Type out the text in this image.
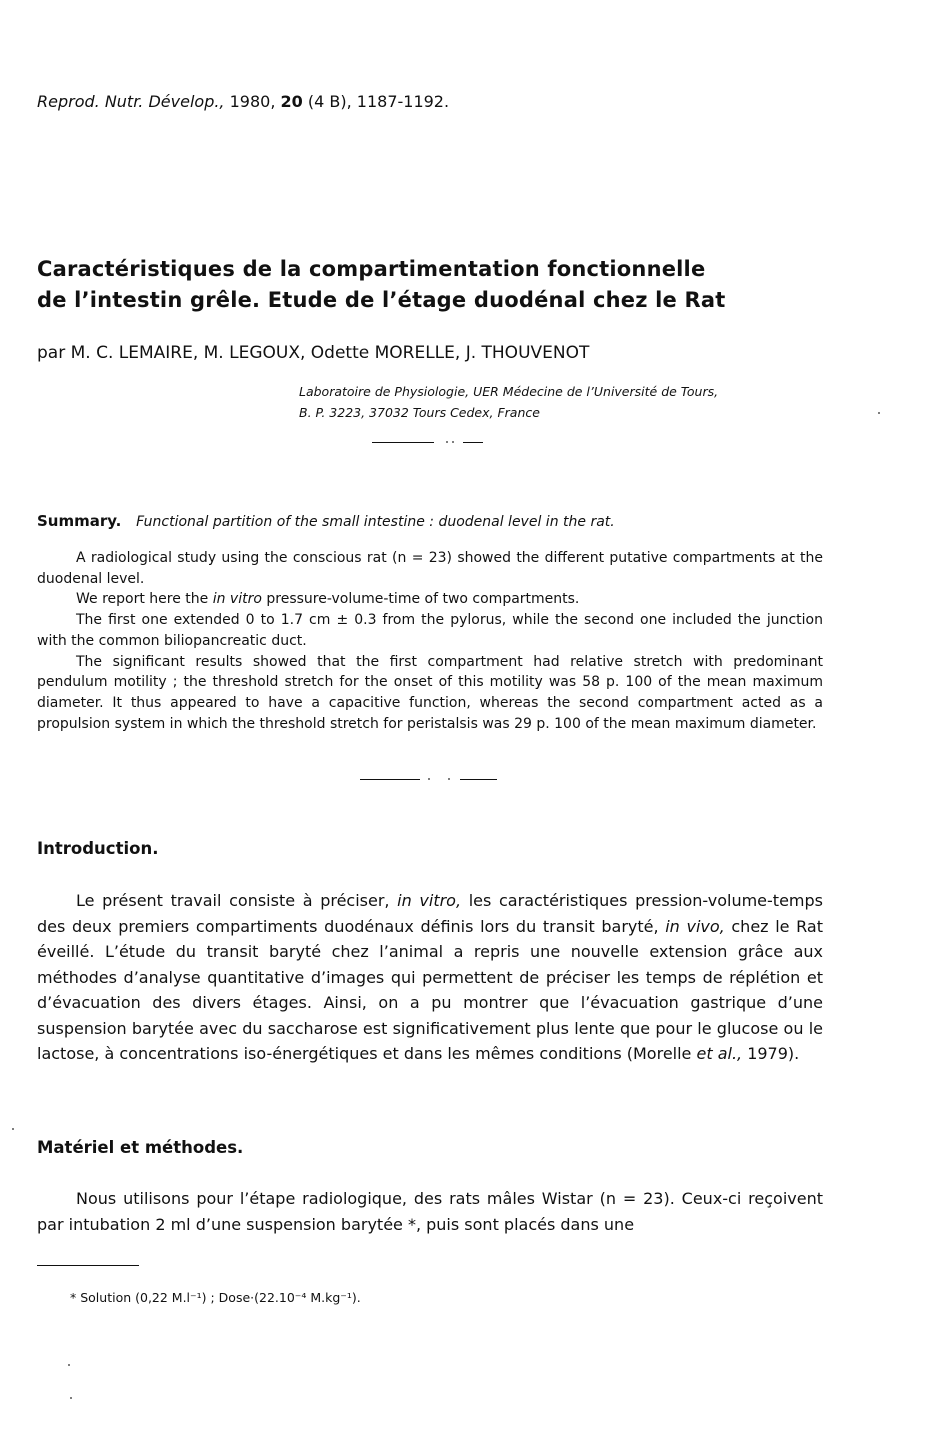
Reprod. Nutr. Dévelop., 1980, 20 (4 B), 1187-1192.
Caractéristiques de la compartimentation fonctionnelle
de l’intestin grêle. Etude de l’étage duodénal chez le Rat
par M. C. LEMAIRE, M. LEGOUX, Odette MORELLE, J. THOUVENOT
Laboratoire de Physiologie, UER Médecine de l’Université de Tours,
B. P. 3223, 37032 Tours Cedex, France
Summary. Functional partition of the small intestine : duodenal level in the rat.

A radiological study using the conscious rat (n = 23) showed the different putative compartments at the duodenal level.

We report here the in vitro pressure-volume-time of two compartments.

The first one extended 0 to 1.7 cm ± 0.3 from the pylorus, while the second one included the junction with the common biliopancreatic duct.

The significant results showed that the first compartment had relative stretch with predominant pendulum motility ; the threshold stretch for the onset of this motility was 58 p. 100 of the mean maximum diameter. It thus appeared to have a capacitive function, whereas the second compartment acted as a propulsion system in which the threshold stretch for peristalsis was 29 p. 100 of the mean maximum diameter.

Introduction.

Le présent travail consiste à préciser, in vitro, les caractéristiques pression-volume-temps des deux premiers compartiments duodénaux définis lors du transit baryté, in vivo, chez le Rat éveillé. L’étude du transit baryté chez l’animal a repris une nouvelle extension grâce aux méthodes d’analyse quantitative d’images qui permettent de préciser les temps de réplétion et d’évacuation des divers étages. Ainsi, on a pu montrer que l’évacuation gastrique d’une suspension barytée avec du saccharose est significativement plus lente que pour le glucose ou le lactose, à concentrations iso-énergétiques et dans les mêmes conditions (Morelle et al., 1979).

Matériel et méthodes.

Nous utilisons pour l’étape radiologique, des rats mâles Wistar (n = 23). Ceux-ci reçoivent par intubation 2 ml d’une suspension barytée *, puis sont placés dans une

* Solution (0,22 M.l⁻¹) ; Dose·(22.10⁻⁴ M.kg⁻¹).
